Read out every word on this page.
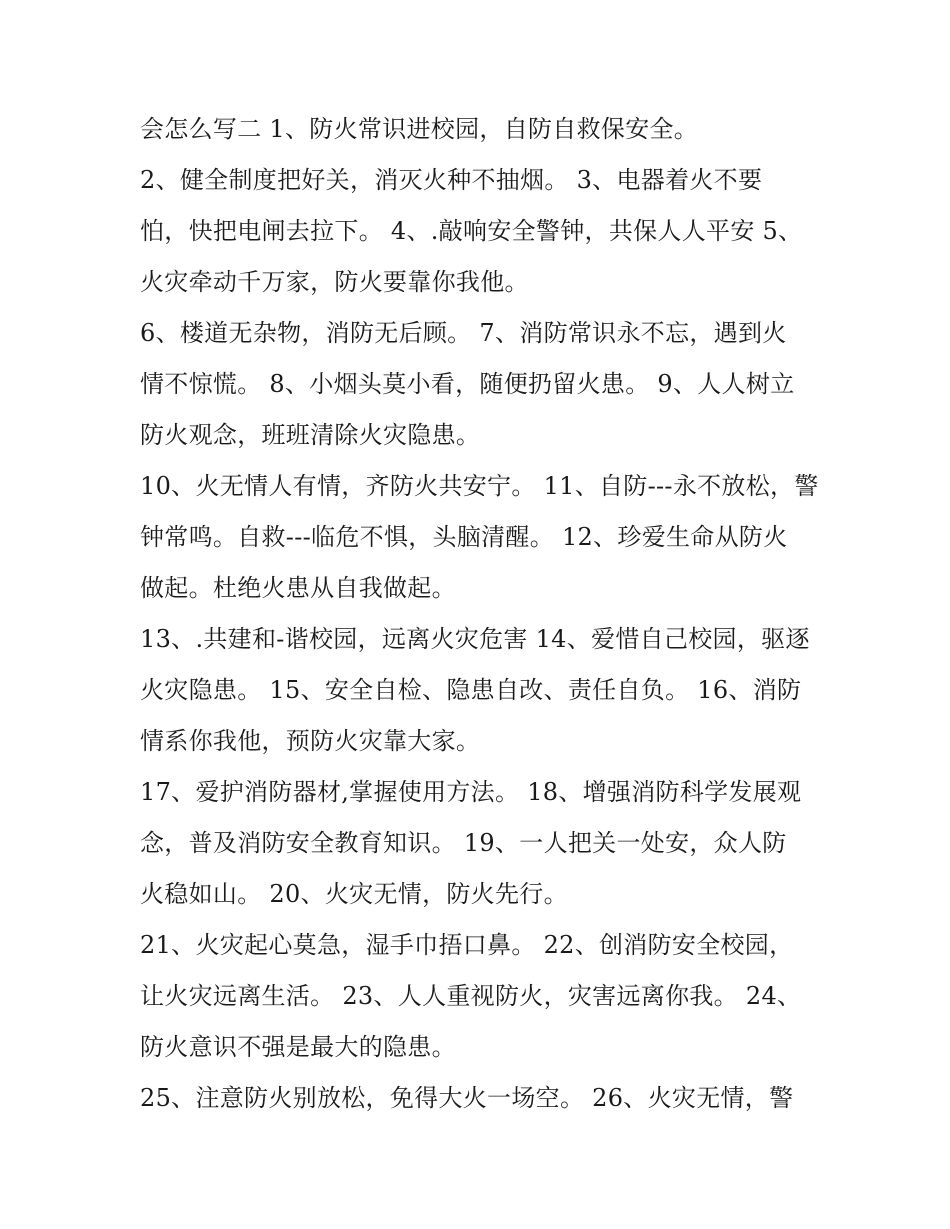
会怎么写二 1、防火常识进校园，自防自救保安全。
2、健全制度把好关，消灭火种不抽烟。 3、电器着火不要
怕，快把电闸去拉下。 4、.敲响安全警钟，共保人人平安 5、
火灾牵动千万家，防火要靠你我他。
6、楼道无杂物，消防无后顾。 7、消防常识永不忘，遇到火
情不惊慌。 8、小烟头莫小看，随便扔留火患。 9、人人树立
防火观念，班班清除火灾隐患。
10、火无情人有情，齐防火共安宁。 11、自防---永不放松，警
钟常鸣。自救---临危不惧，头脑清醒。 12、珍爱生命从防火
做起。杜绝火患从自我做起。
13、.共建和-谐校园，远离火灾危害 14、爱惜自己校园，驱逐
火灾隐患。 15、安全自检、隐患自改、责任自负。 16、消防
情系你我他，预防火灾靠大家。
17、爱护消防器材,掌握使用方法。 18、增强消防科学发展观
念，普及消防安全教育知识。 19、一人把关一处安，众人防
火稳如山。 20、火灾无情，防火先行。
21、火灾起心莫急，湿手巾捂口鼻。 22、创消防安全校园，
让火灾远离生活。 23、人人重视防火，灾害远离你我。 24、
防火意识不强是最大的隐患。
25、注意防火别放松，免得大火一场空。 26、火灾无情，警
